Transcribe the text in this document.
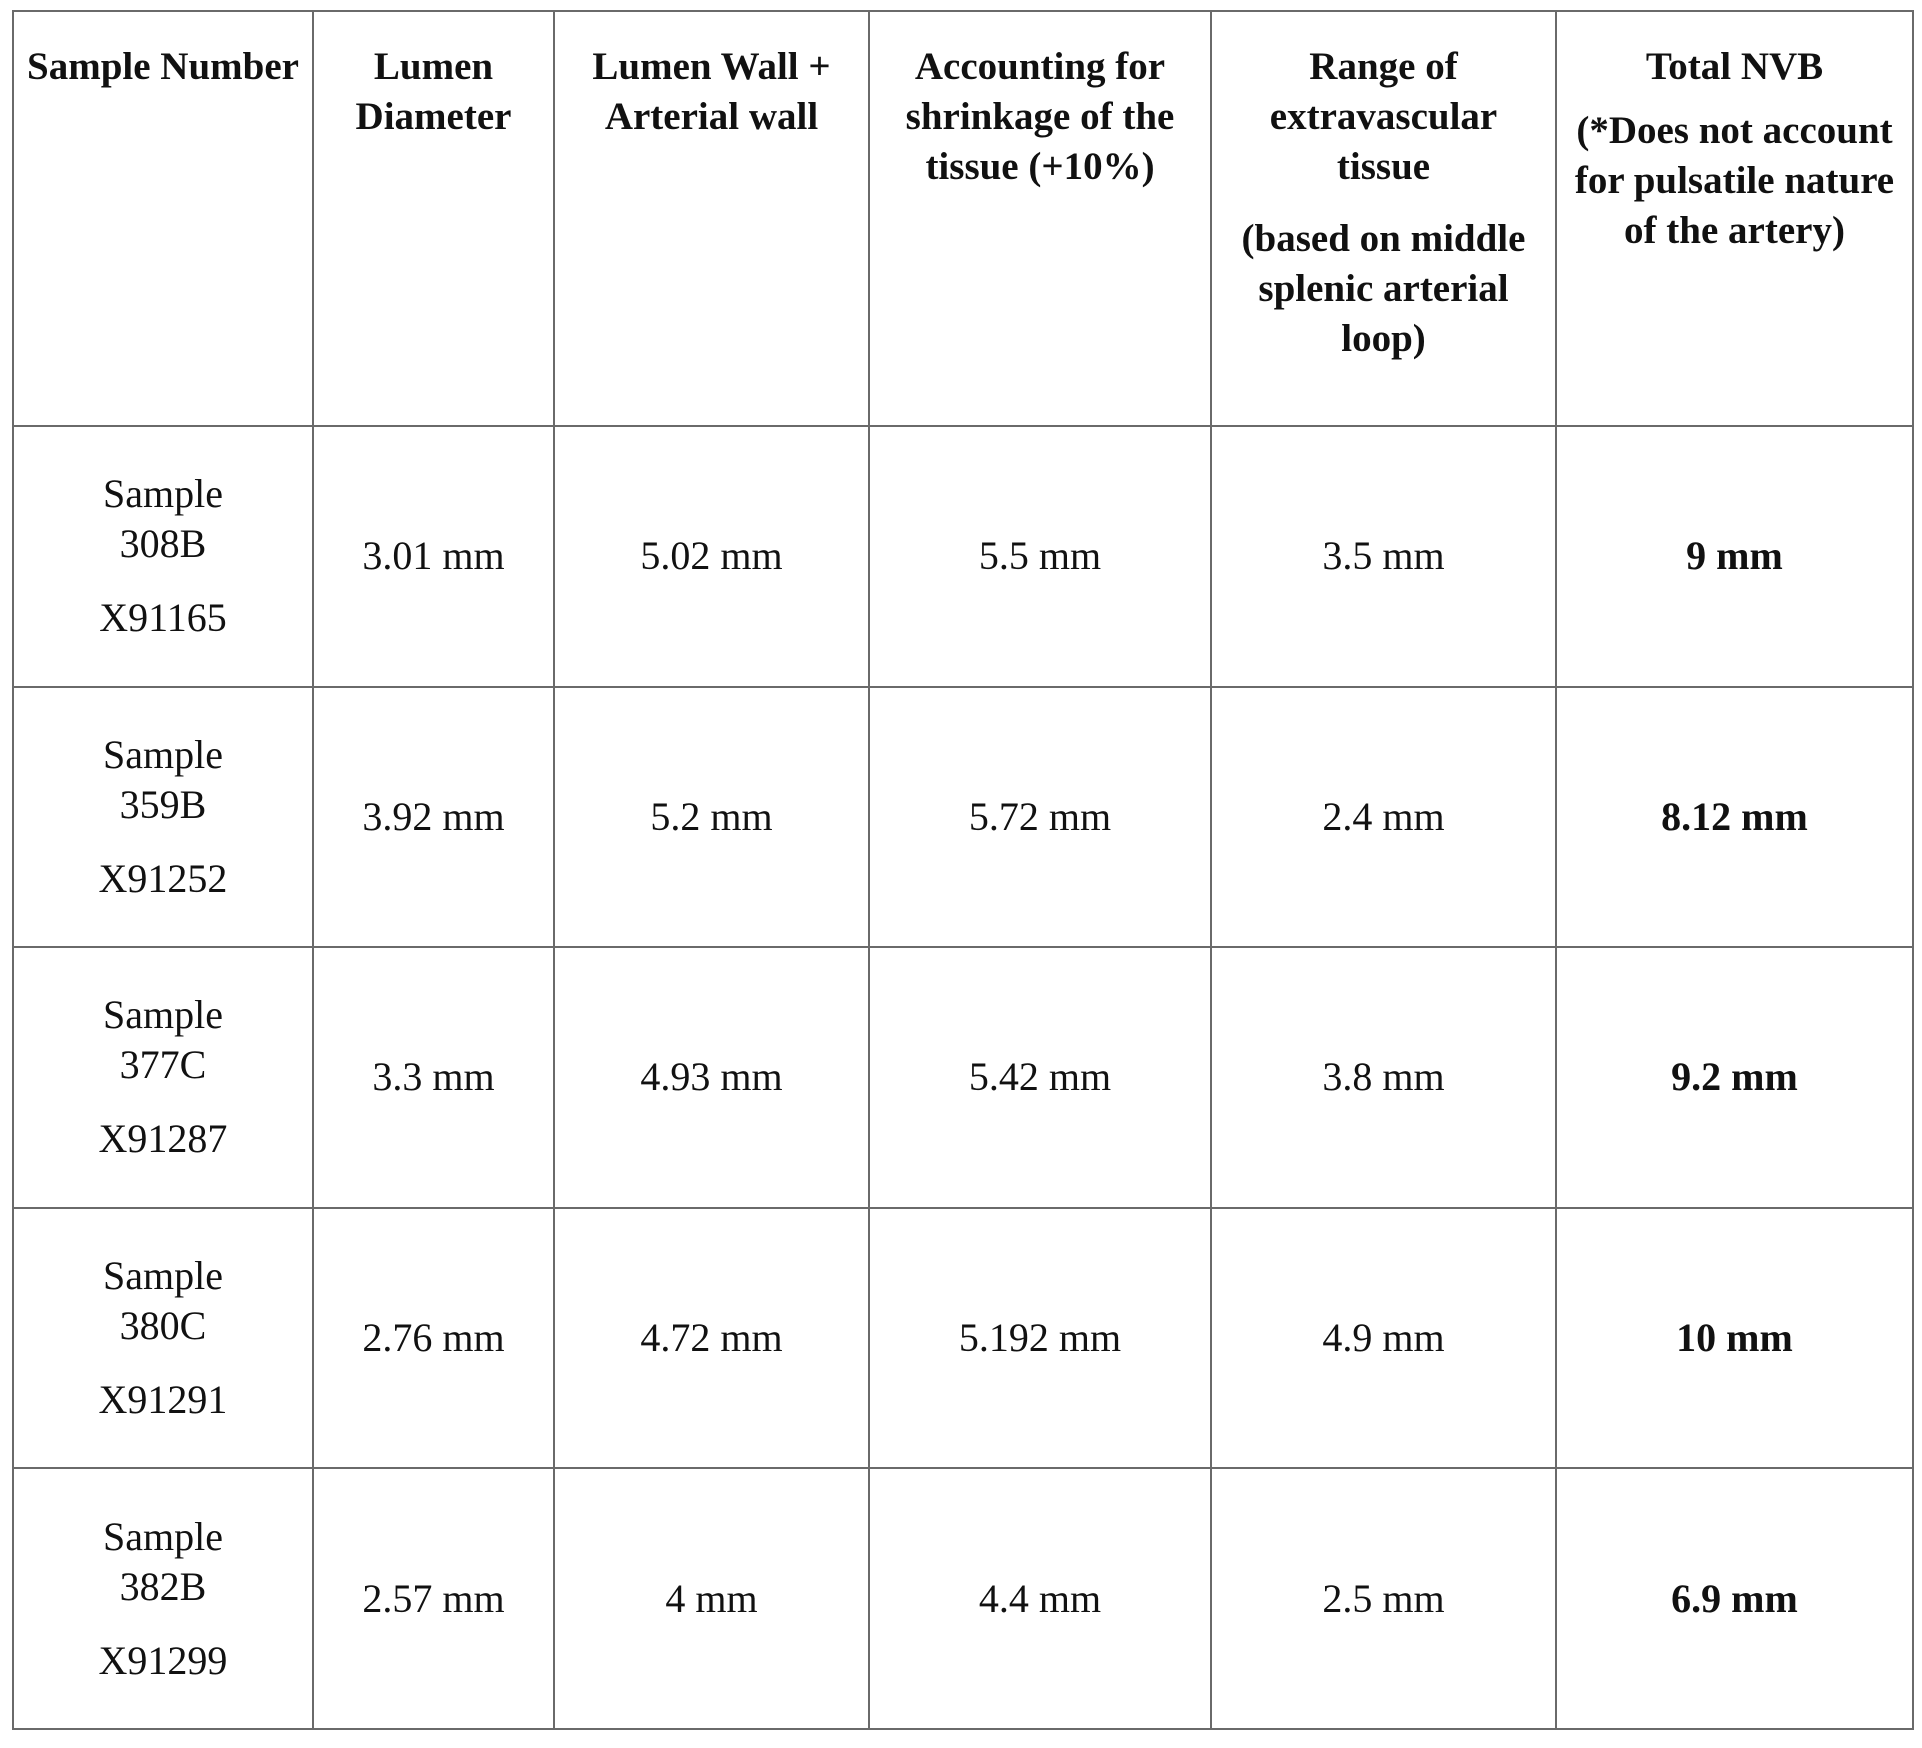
Sample Number	Lumen Diameter	Lumen Wall + Arterial wall	Accounting for shrinkage of the tissue (+10%)	Range of extravascular tissue
(based on middle splenic arterial loop)	Total NVB
(*Does not account for pulsatile nature of the artery)

Sample
308B
X91165	3.01 mm	5.02 mm	5.5 mm	3.5 mm	9 mm

Sample
359B
X91252	3.92 mm	5.2 mm	5.72 mm	2.4 mm	8.12 mm

Sample
377C
X91287	3.3 mm	4.93 mm	5.42 mm	3.8 mm	9.2 mm

Sample
380C
X91291	2.76 mm	4.72 mm	5.192 mm	4.9 mm	10 mm

Sample
382B
X91299	2.57 mm	4 mm	4.4 mm	2.5 mm	6.9 mm
